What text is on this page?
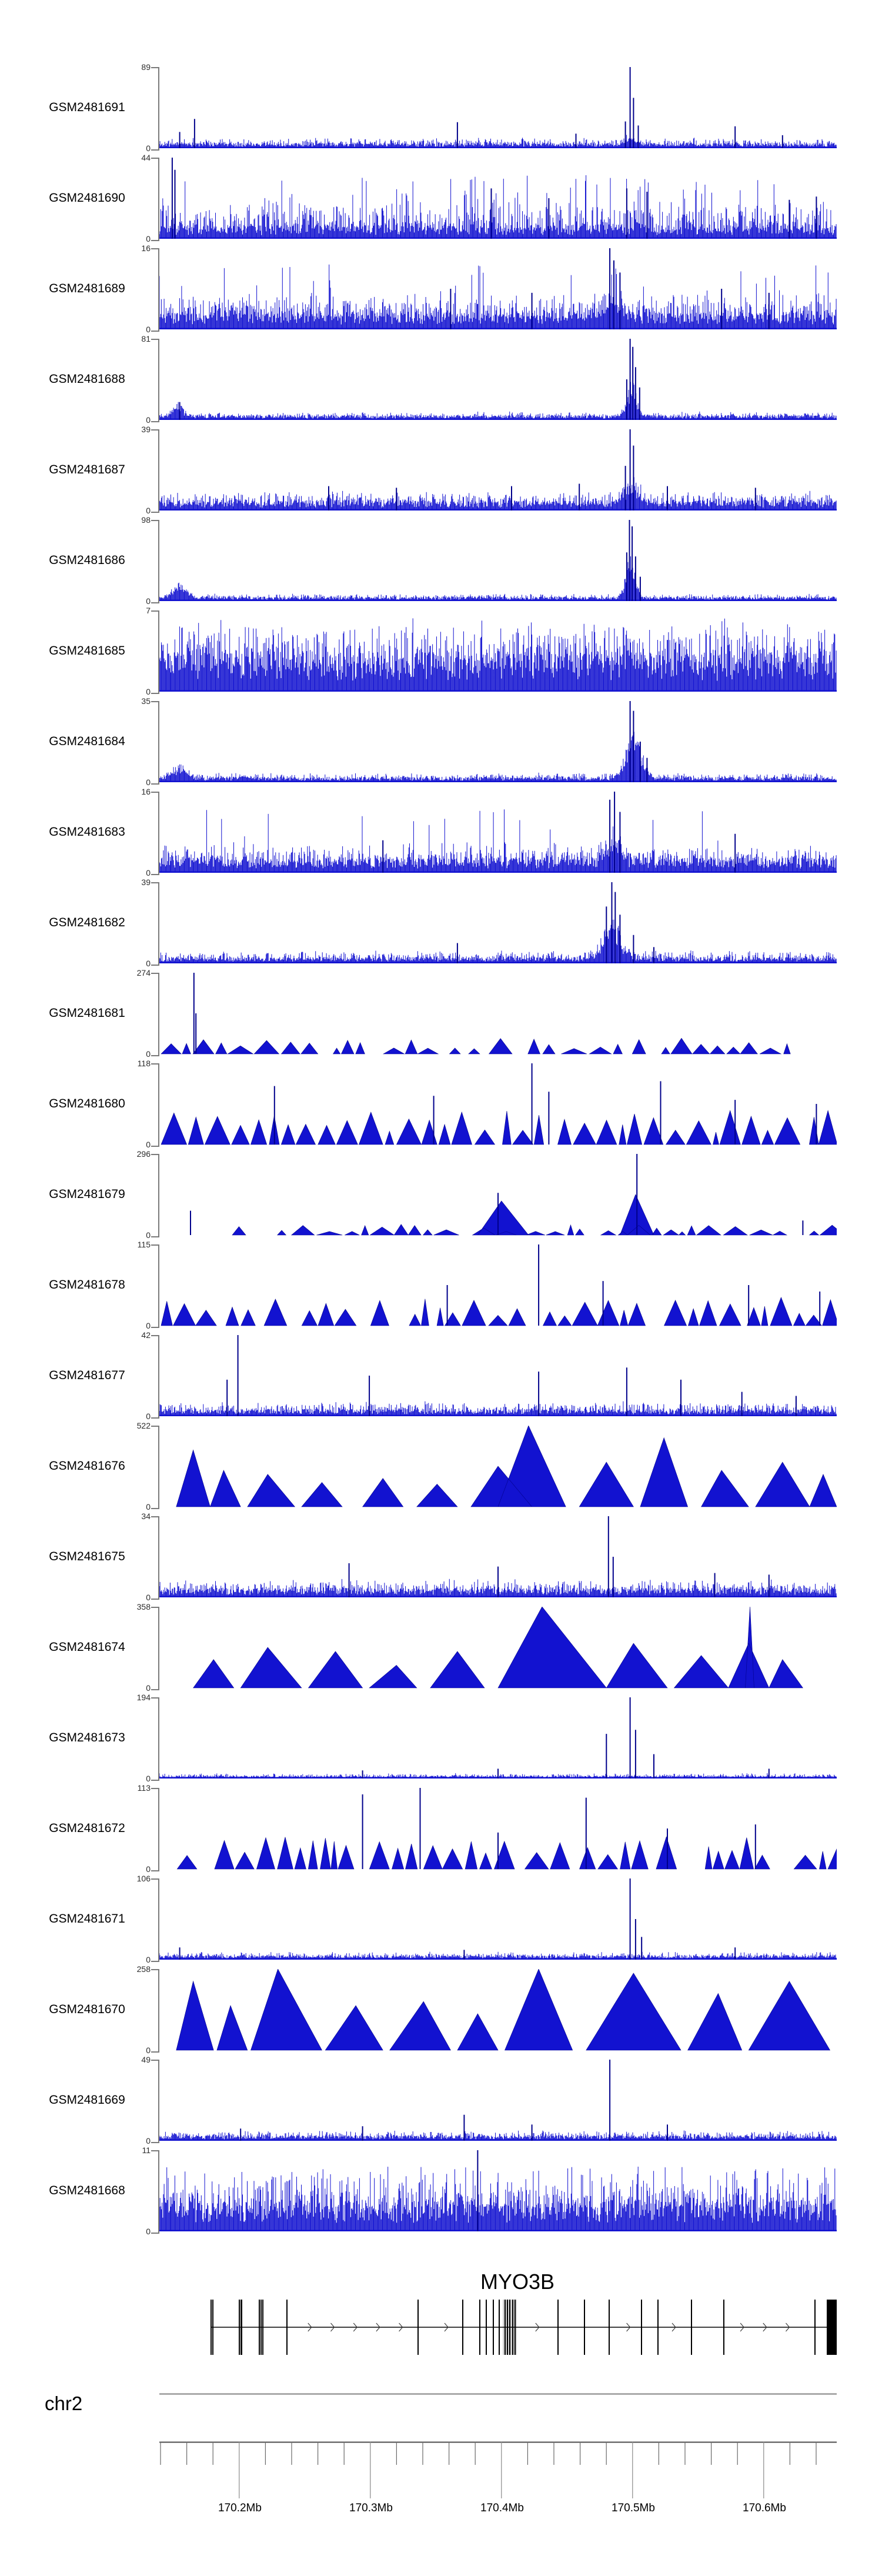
GSM2481691
89
0
GSM2481690
44
0
GSM2481689
16
0
GSM2481688
81
0
GSM2481687
39
0
GSM2481686
98
0
GSM2481685
7
0
GSM2481684
35
0
GSM2481683
16
0
GSM2481682
39
0
GSM2481681
274
0
GSM2481680
118
0
GSM2481679
296
0
GSM2481678
115
0
GSM2481677
42
0
GSM2481676
522
0
GSM2481675
34
0
GSM2481674
358
0
GSM2481673
194
0
GSM2481672
113
0
GSM2481671
106
0
GSM2481670
258
0
GSM2481669
49
0
GSM2481668
11
0
MYO3B
chr2
170.2Mb	170.3Mb	170.4Mb	170.5Mb	170.6Mb
